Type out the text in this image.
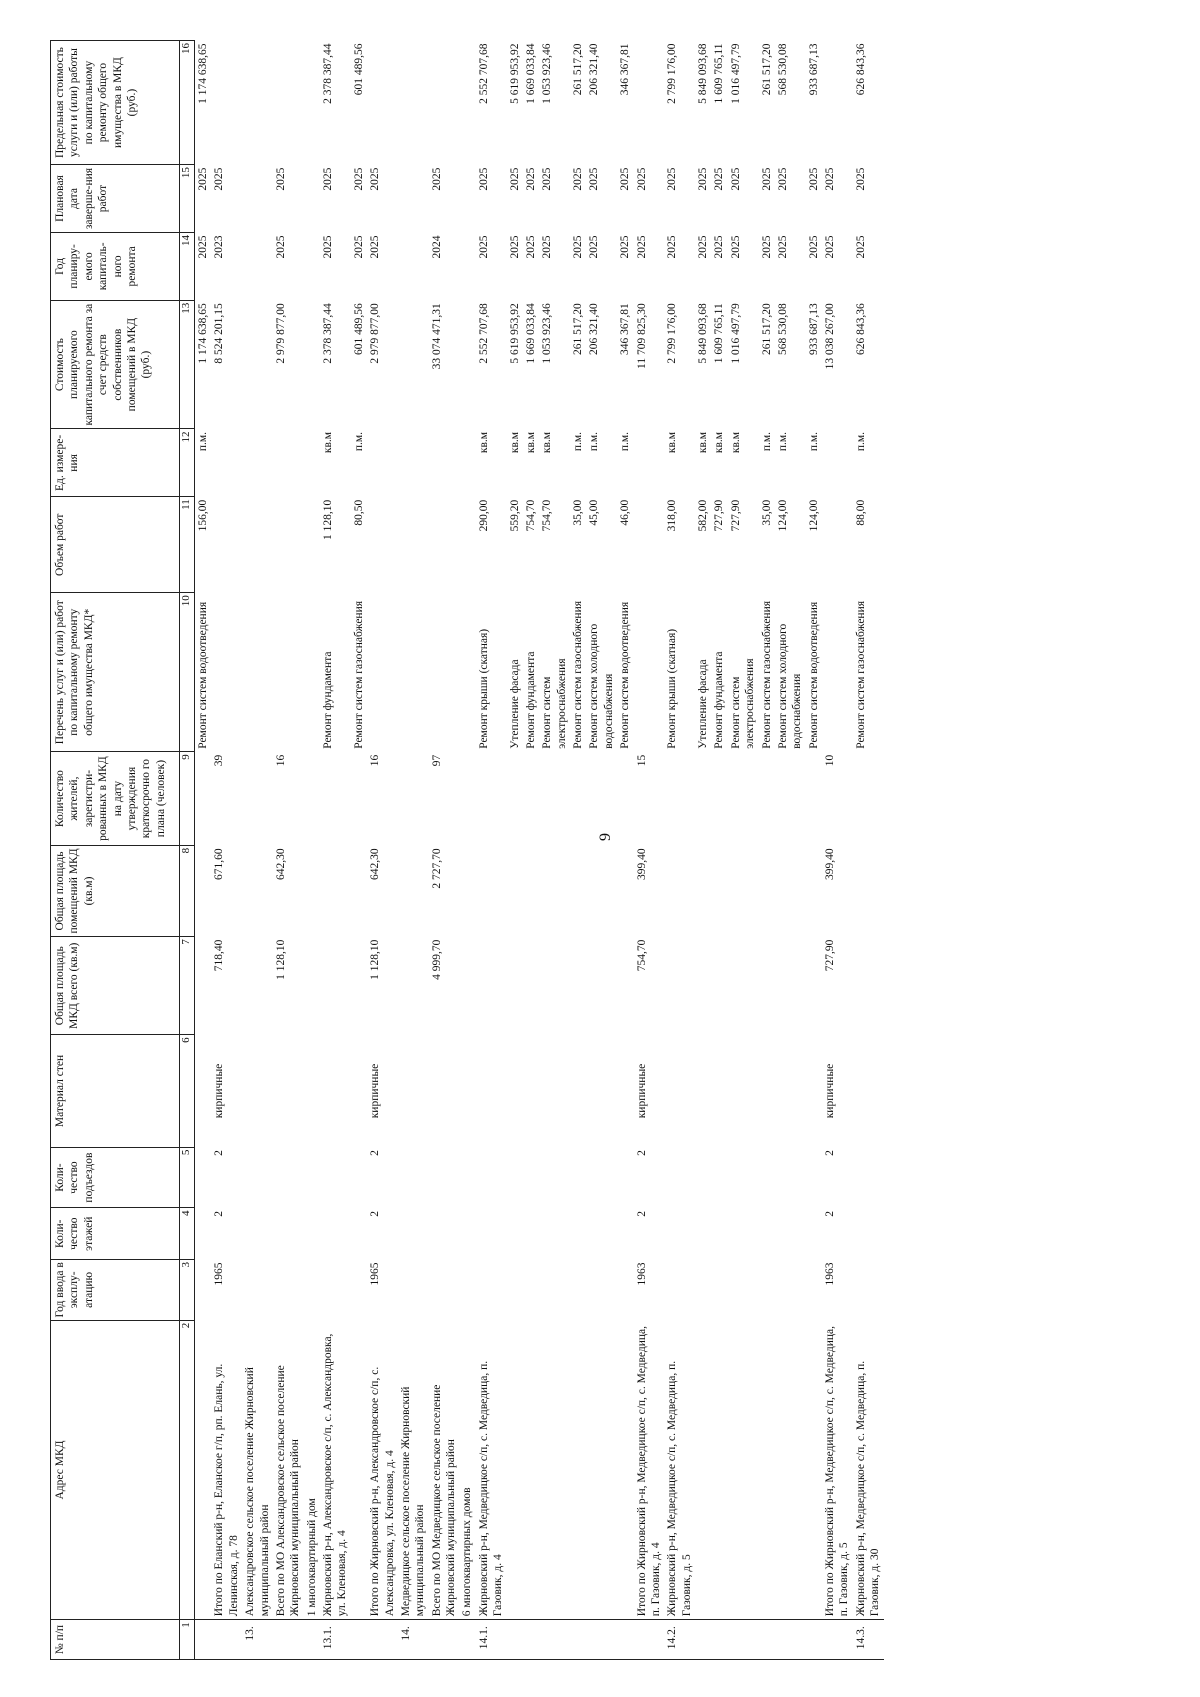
9
№ п/п	Адрес МКД	Год ввода в эксплу-атацию	Коли-чество этажей	Коли-чество подъездов	Материал стен	Общая площадь МКД всего (кв.м)	Общая площадь помещений МКД (кв.м)	Количество жителей, зарегистри-рованных в МКД на дату утверждения краткосрочно го плана (человек)	Перечень услуг и (или) работ по капитальному ремонту общего имущества МКД*	Объем работ	Ед. измере-ния	Стоимость планируемого капитального ремонта за счет средств собственников помещений в МКД (руб.)	Год планиру-емого капиталь-ного ремонта	Плановая дата заверше-ния работ	Предельная стоимость услуги и (или) работы по капитальному ремонту общего имущества в МКД (руб.)
1	2	3	4	5	6	7	8	9	10	11	12	13	14	15	16
									Ремонт систем водоотведения	156,00	п.м.	1 174 638,65	2025	2025	1 174 638,65
	Итого по Еланский р-н, Еланское г/п, рп. Елань, ул. Ленинская, д. 78	1965	2	2	кирпичные	718,40	671,60	39				8 524 201,15	2023	2025	
13.	Александровское сельское поселение Жирновский муниципальный район														
	Всего по МО Александровское сельское поселение Жирновский муниципальный район					1 128,10	642,30	16				2 979 877,00	2025	2025	
	1 многоквартирный дом														
13.1.	Жирновский р-н, Александровское с/п, с. Александровка, ул. Кленовая, д. 4								Ремонт фундамента	1 128,10	кв.м	2 378 387,44	2025	2025	2 378 387,44
									Ремонт систем газоснабжения	80,50	п.м.	601 489,56	2025	2025	601 489,56
	Итого по Жирновский р-н, Александровское с/п, с. Александровка, ул. Кленовая, д. 4	1965	2	2	кирпичные	1 128,10	642,30	16				2 979 877,00	2025	2025	
14.	Медведицкое сельское поселение Жирновский муниципальный район														
	Всего по МО Медведицкое сельское поселение Жирновский муниципальный район					4 999,70	2 727,70	97				33 074 471,31	2024	2025	
	6 многоквартирных домов														
14.1.	Жирновский р-н, Медведицкое с/п, с. Медведица, п. Газовик, д. 4								Ремонт крыши (скатная)	290,00	кв.м	2 552 707,68	2025	2025	2 552 707,68
									Утепление фасада	559,20	кв.м	5 619 953,92	2025	2025	5 619 953,92
									Ремонт фундамента	754,70	кв.м	1 669 033,84	2025	2025	1 669 033,84
									Ремонт систем электроснабжения	754,70	кв.м	1 053 923,46	2025	2025	1 053 923,46
									Ремонт систем газоснабжения	35,00	п.м.	261 517,20	2025	2025	261 517,20
									Ремонт систем холодного водоснабжения	45,00	п.м.	206 321,40	2025	2025	206 321,40
									Ремонт систем водоотведения	46,00	п.м.	346 367,81	2025	2025	346 367,81
	Итого по Жирновский р-н, Медведицкое с/п, с. Медведица, п. Газовик, д. 4	1963	2	2	кирпичные	754,70	399,40	15				11 709 825,30	2025	2025	
14.2.	Жирновский р-н, Медведицкое с/п, с. Медведица, п. Газовик, д. 5								Ремонт крыши (скатная)	318,00	кв.м	2 799 176,00	2025	2025	2 799 176,00
									Утепление фасада	582,00	кв.м	5 849 093,68	2025	2025	5 849 093,68
									Ремонт фундамента	727,90	кв.м	1 609 765,11	2025	2025	1 609 765,11
									Ремонт систем электроснабжения	727,90	кв.м	1 016 497,79	2025	2025	1 016 497,79
									Ремонт систем газоснабжения	35,00	п.м.	261 517,20	2025	2025	261 517,20
									Ремонт систем холодного водоснабжения	124,00	п.м.	568 530,08	2025	2025	568 530,08
									Ремонт систем водоотведения	124,00	п.м.	933 687,13	2025	2025	933 687,13
	Итого по Жирновский р-н, Медведицкое с/п, с. Медведица, п. Газовик, д. 5	1963	2	2	кирпичные	727,90	399,40	10				13 038 267,00	2025	2025	
14.3.	Жирновский р-н, Медведицкое с/п, с. Медведица, п. Газовик, д. 30								Ремонт систем газоснабжения	88,00	п.м.	626 843,36	2025	2025	626 843,36
